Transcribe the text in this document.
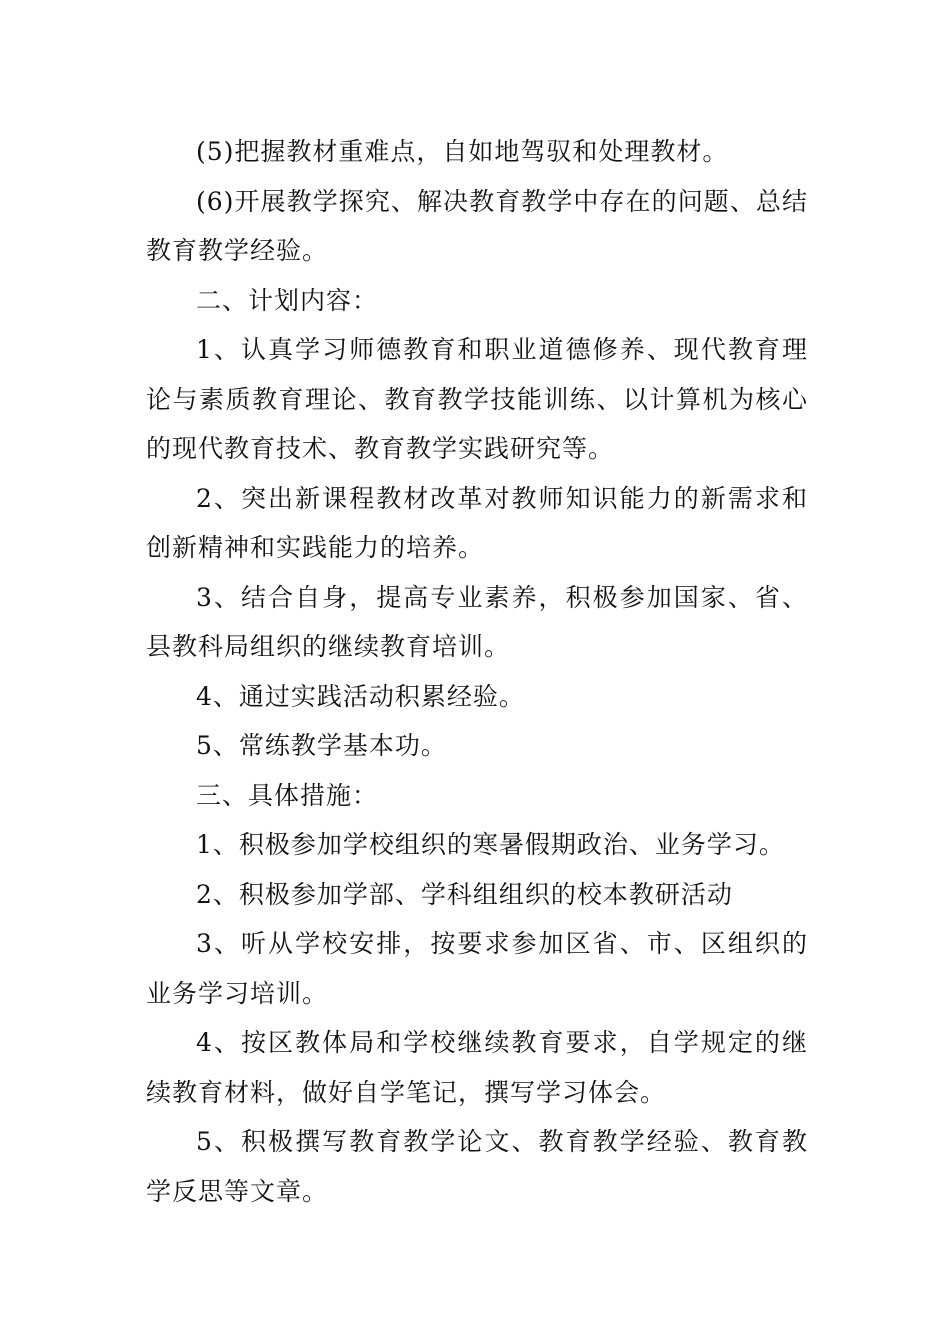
(5)把握教材重难点，自如地驾驭和处理教材。

(6)开展教学探究、解决教育教学中存在的问题、总结教育教学经验。

二、计划内容：

1、认真学习师德教育和职业道德修养、现代教育理论与素质教育理论、教育教学技能训练、以计算机为核心的现代教育技术、教育教学实践研究等。

2、突出新课程教材改革对教师知识能力的新需求和创新精神和实践能力的培养。

3、结合自身，提高专业素养，积极参加国家、省、县教科局组织的继续教育培训。

4、通过实践活动积累经验。

5、常练教学基本功。

三、具体措施：

1、积极参加学校组织的寒暑假期政治、业务学习。

2、积极参加学部、学科组组织的校本教研活动

3、听从学校安排，按要求参加区省、市、区组织的业务学习培训。

4、按区教体局和学校继续教育要求，自学规定的继续教育材料，做好自学笔记，撰写学习体会。

5、积极撰写教育教学论文、教育教学经验、教育教学反思等文章。
